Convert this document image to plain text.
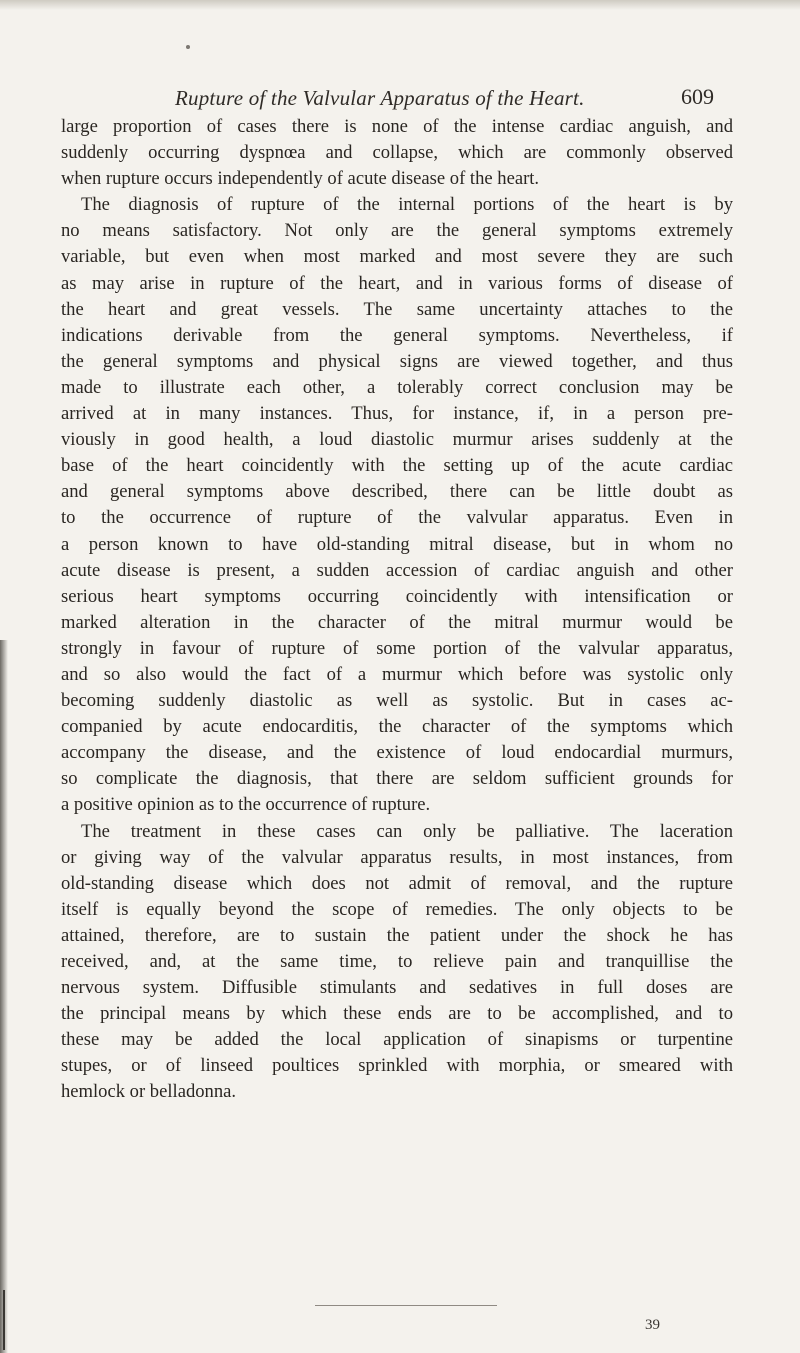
Rupture of the Valvular Apparatus of the Heart.	609
large proportion of cases there is none of the intense cardiac anguish, and
suddenly occurring dyspnœa and collapse, which are commonly observed
when rupture occurs independently of acute disease of the heart.
The diagnosis of rupture of the internal portions of the heart is by
no means satisfactory. Not only are the general symptoms extremely
variable, but even when most marked and most severe they are such
as may arise in rupture of the heart, and in various forms of disease of
the heart and great vessels. The same uncertainty attaches to the
indications derivable from the general symptoms. Nevertheless, if
the general symptoms and physical signs are viewed together, and thus
made to illustrate each other, a tolerably correct conclusion may be
arrived at in many instances. Thus, for instance, if, in a person pre-
viously in good health, a loud diastolic murmur arises suddenly at the
base of the heart coincidently with the setting up of the acute cardiac
and general symptoms above described, there can be little doubt as
to the occurrence of rupture of the valvular apparatus. Even in
a person known to have old-standing mitral disease, but in whom no
acute disease is present, a sudden accession of cardiac anguish and other
serious heart symptoms occurring coincidently with intensification or
marked alteration in the character of the mitral murmur would be
strongly in favour of rupture of some portion of the valvular apparatus,
and so also would the fact of a murmur which before was systolic only
becoming suddenly diastolic as well as systolic. But in cases ac-
companied by acute endocarditis, the character of the symptoms which
accompany the disease, and the existence of loud endocardial murmurs,
so complicate the diagnosis, that there are seldom sufficient grounds for
a positive opinion as to the occurrence of rupture.
The treatment in these cases can only be palliative. The laceration
or giving way of the valvular apparatus results, in most instances, from
old-standing disease which does not admit of removal, and the rupture
itself is equally beyond the scope of remedies. The only objects to be
attained, therefore, are to sustain the patient under the shock he has
received, and, at the same time, to relieve pain and tranquillise the
nervous system. Diffusible stimulants and sedatives in full doses are
the principal means by which these ends are to be accomplished, and to
these may be added the local application of sinapisms or turpentine
stupes, or of linseed poultices sprinkled with morphia, or smeared with
hemlock or belladonna.
39
